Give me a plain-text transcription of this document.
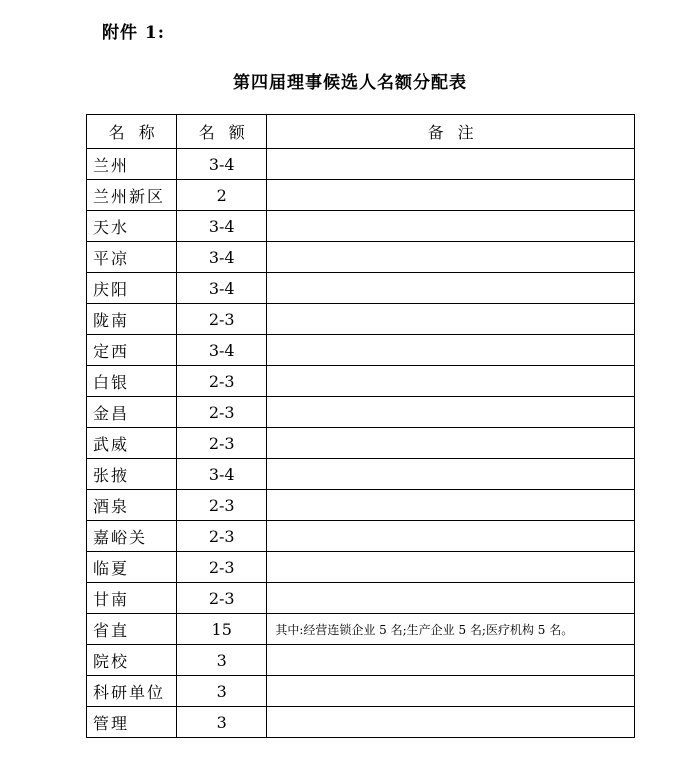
附件 1:
第四届理事候选人名额分配表
名称	名额	备注
兰州	3-4	
兰州新区	2	
天水	3-4	
平凉	3-4	
庆阳	3-4	
陇南	2-3	
定西	3-4	
白银	2-3	
金昌	2-3	
武威	2-3	
张掖	3-4	
酒泉	2-3	
嘉峪关	2-3	
临夏	2-3	
甘南	2-3	
省直	15	其中:经营连锁企业 5 名;生产企业 5 名;医疗机构 5 名。
院校	3	
科研单位	3	
管理	3	
